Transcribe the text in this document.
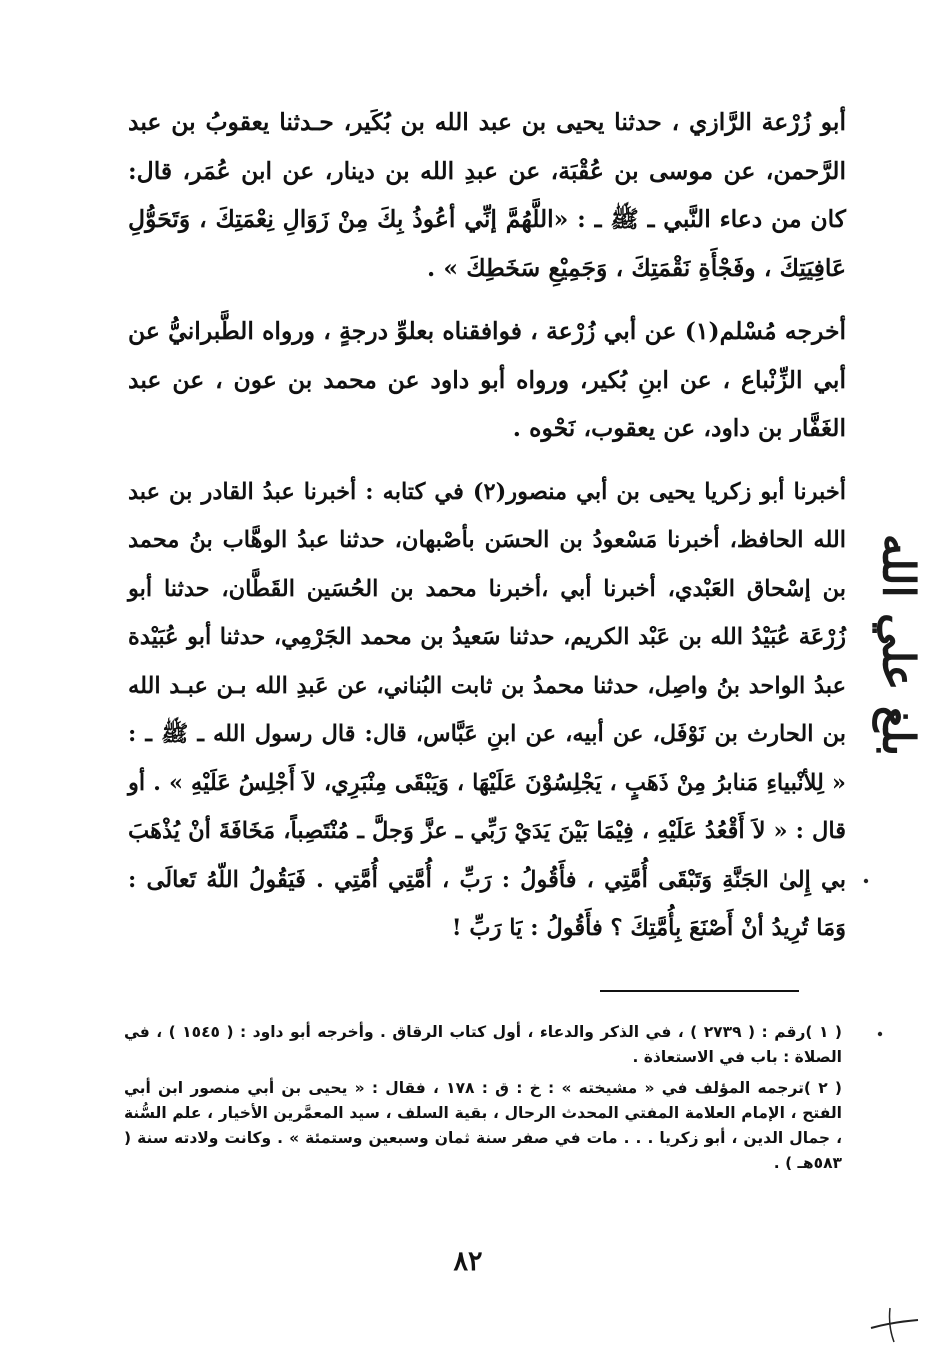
أبو زُرْعة الرَّازي ، حدثنا يحيى بن عبد الله بن بُكَير، حـدثنا يعقوبُ بن عبد الرَّحمن، عن موسى بن عُقْبَة، عن عبدِ الله بن دينار، عن ابن عُمَر، قال: كان من دعاء النَّبي ـ ﷺ ـ : «اللَّهُمَّ إنِّي أعُوذُ بِكَ مِنْ زَوَالِ نِعْمَتِكَ ، وَتَحَوُّلِ عَافِيَتِكَ ، وفَجْأَةِ نَقْمَتِكَ ، وَجَمِيْعِ سَخَطِكَ » .

أخرجه مُسْلم(١) عن أبي زُرْعة ، فوافقناه بعلوِّ درجةٍ ، ورواه الطَّبرانيُّ عن أبي الزِّنْباع ، عن ابنِ بُكير، ورواه أبو داود عن محمد بن عون ، عن عبد الغَفَّار بن داود، عن يعقوب، نَحْوه .

أخبرنا أبو زكريا يحيى بن أبي منصور(٢) في كتابه : أخبرنا عبدُ القادر بن عبد الله الحافظ، أخبرنا مَسْعودُ بن الحسَن بأصْبهان، حدثنا عبدُ الوهَّاب بنُ محمد بن إسْحاق العَبْدي، أخبرنا أبي ،أخبرنا محمد بن الحُسَين القَطَّان، حدثنا أبو زُرْعَة عُبَيْدُ الله بن عَبْد الكريم، حدثنا سَعيدُ بن محمد الجَرْمِي، حدثنا أبو عُبَيْدة عبدُ الواحد بنُ واصِل، حدثنا محمدُ بن ثابت البُناني، عن عَبدِ الله بـن عبـد الله بن الحارث بن نَوْفَل، عن أبيه، عن ابنِ عَبَّاس، قال: قال رسول الله ـ ﷺ ـ : « لِلأنْبياءِ مَنابرُ مِنْ ذَهَبٍ ، يَجْلِسُوْنَ عَلَيْهَا ، وَيَبْقَى مِنْبَرِي، لاَ أَجْلِسُ عَلَيْهِ » . أو قال : « لاَ أَقْعُدُ عَلَيْهِ ، فِيْمَا بَيْنَ يَدَيْ رَبِّي ـ عزَّ وَجلَّ ـ مُنْتَصِباً، مَخَافَةَ أنْ يُذْهَبَ بي إِلىٰ الجَنَّةِ وَتَبْقَى أُمَّتِي ، فأَقُولُ : رَبِّ ، أُمَّتِي أُمَّتِي . فَيَقُولُ اللّهُ تَعالَى : وَمَا تُرِيدُ أنْ أَصْنَعَ بِأُمَّتِكَ ؟ فأَقُولُ : يَا رَبِّ !

( ١ )رقم : ( ٢٧٣٩ ) ، في الذكر والدعاء ، أول كتاب الرقاق . وأخرجه أبو داود : ( ١٥٤٥ ) ، في الصلاة : باب في الاستعاذة .

( ٢ )ترجمه المؤلف في « مشيخته » : خ : ق : ١٧٨ ، فقال : « يحيى بن أبي منصور ابن أبي الفتح ، الإمام العلامة المفتي المحدث الرحال ، بقية السلف ، سيد المعمَّرين الأخيار ، علم السُّنة ، جمال الدين ، أبو زكريا . . . مات في صفر سنة ثمان وسبعين وستمئة » . وكانت ولادته سنة ( ٥٨٣هـ ) .

٨٢
بلغ علي الله
